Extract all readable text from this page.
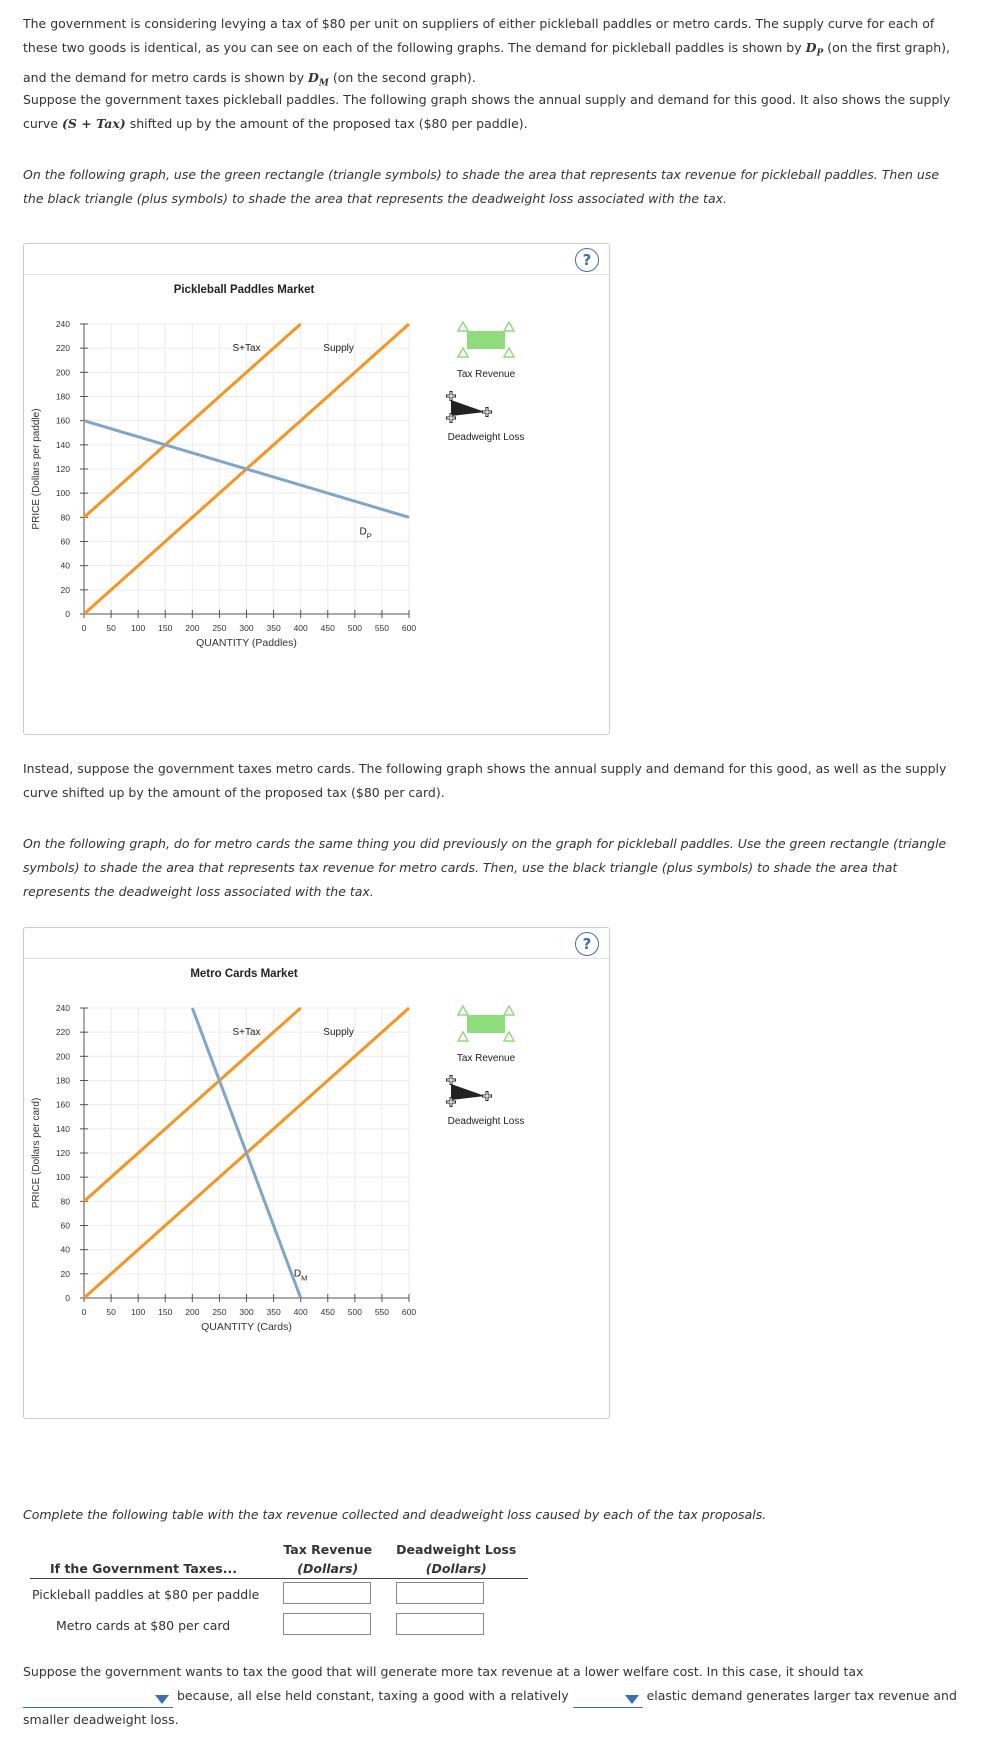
The government is considering levying a tax of $80 per unit on suppliers of either pickleball paddles or metro cards. The supply curve for each of these two goods is identical, as you can see on each of the following graphs. The demand for pickleball paddles is shown by $D_P$ (on the first graph), and the demand for metro cards is shown by $D_M$ (on the second graph).

Suppose the government taxes pickleball paddles. The following graph shows the annual supply and demand for this good. It also shows the supply curve (S + Tax) shifted up by the amount of the proposed tax ($80 per paddle).

On the following graph, use the green rectangle (triangle symbols) to shade the area that represents tax revenue for pickleball paddles. Then use the black triangle (plus symbols) to shade the area that represents the deadweight loss associated with the tax.

?
Pickleball Paddles Market
0
20
40
60
80
100
120
140
160
180
200
220
240
0 50 100 150 200 250 300 350 400 450 500 550 600
QUANTITY (Paddles)
PRICE (Dollars per paddle)
S+Tax	Supply
$D_P$
Tax Revenue
Deadweight Loss

Instead, suppose the government taxes metro cards. The following graph shows the annual supply and demand for this good, as well as the supply curve shifted up by the amount of the proposed tax ($80 per card).

On the following graph, do for metro cards the same thing you did previously on the graph for pickleball paddles. Use the green rectangle (triangle symbols) to shade the area that represents tax revenue for metro cards. Then, use the black triangle (plus symbols) to shade the area that represents the deadweight loss associated with the tax.

?
Metro Cards Market
0
20
40
60
80
100
120
140
160
180
200
220
240
0 50 100 150 200 250 300 350 400 450 500 550 600
QUANTITY (Cards)
PRICE (Dollars per card)
S+Tax	Supply
$D_M$
Tax Revenue
Deadweight Loss

Complete the following table with the tax revenue collected and deadweight loss caused by each of the tax proposals.

	Tax Revenue	Deadweight Loss
If the Government Taxes...	(Dollars)	(Dollars)
Pickleball paddles at $80 per paddle		
Metro cards at $80 per card		

Suppose the government wants to tax the good that will generate more tax revenue at a lower welfare cost. In this case, it should tax

because, all else held constant, taxing a good with a relatively	elastic demand generates larger tax revenue and smaller deadweight loss.
